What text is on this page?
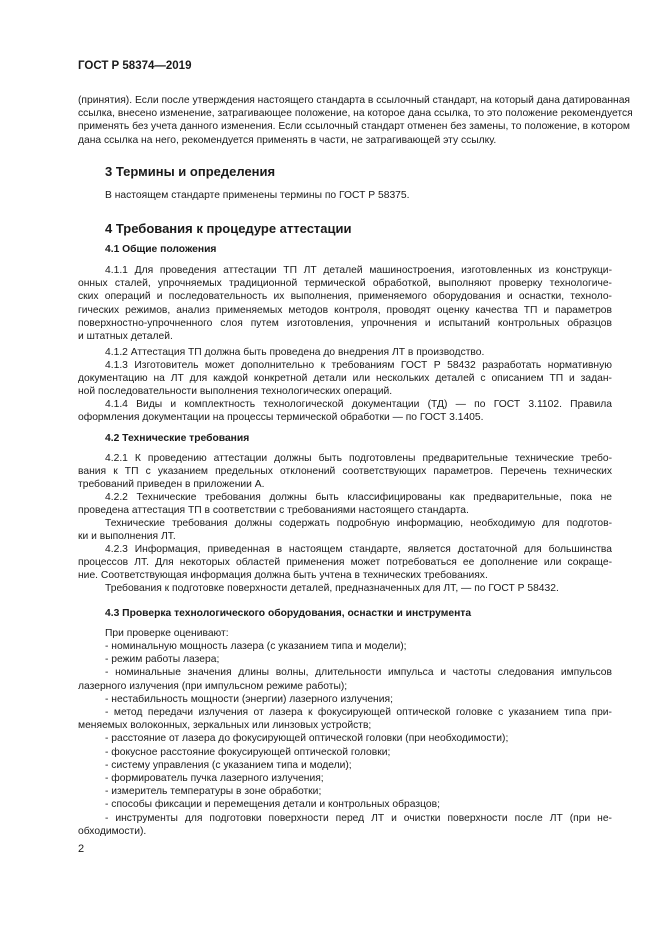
ГОСТ Р 58374—2019
(принятия). Если после утверждения настоящего стандарта в ссылочный стандарт, на который дана датированная
ссылка, внесено изменение, затрагивающее положение, на которое дана ссылка, то это положение рекомендуется
применять без учета данного изменения. Если ссылочный стандарт отменен без замены, то положение, в котором
дана ссылка на него, рекомендуется применять в части, не затрагивающей эту ссылку.
3 Термины и определения
В настоящем стандарте применены термины по ГОСТ Р 58375.
4 Требования к процедуре аттестации
4.1 Общие положения
4.1.1 Для проведения аттестации ТП ЛТ деталей машиностроения, изготовленных из конструкци-
онных сталей, упрочняемых традиционной термической обработкой, выполняют проверку технологиче-
ских операций и последовательность их выполнения, применяемого оборудования и оснастки, техноло-
гических режимов, анализ применяемых методов контроля, проводят оценку качества ТП и параметров
поверхностно-упрочненного слоя путем изготовления, упрочнения и испытаний контрольных образцов
и штатных деталей.
4.1.2 Аттестация ТП должна быть проведена до внедрения ЛТ в производство.
4.1.3 Изготовитель может дополнительно к требованиям ГОСТ Р 58432 разработать нормативную
документацию на ЛТ для каждой конкретной детали или нескольких деталей с описанием ТП и задан-
ной последовательности выполнения технологических операций.
4.1.4 Виды и комплектность технологической документации (ТД) — по ГОСТ 3.1102. Правила
оформления документации на процессы термической обработки — по ГОСТ 3.1405.
4.2 Технические требования
4.2.1 К проведению аттестации должны быть подготовлены предварительные технические требо-
вания к ТП с указанием предельных отклонений соответствующих параметров. Перечень технических
требований приведен в приложении А.
4.2.2 Технические требования должны быть классифицированы как предварительные, пока не
проведена аттестация ТП в соответствии с требованиями настоящего стандарта.
Технические требования должны содержать подробную информацию, необходимую для подготов-
ки и выполнения ЛТ.
4.2.3 Информация, приведенная в настоящем стандарте, является достаточной для большинства
процессов ЛТ. Для некоторых областей применения может потребоваться ее дополнение или сокраще-
ние. Соответствующая информация должна быть учтена в технических требованиях.
Требования к подготовке поверхности деталей, предназначенных для ЛТ, — по ГОСТ Р 58432.
4.3 Проверка технологического оборудования, оснастки и инструмента
При проверке оценивают:
- номинальную мощность лазера (с указанием типа и модели);
- режим работы лазера;
- номинальные значения длины волны, длительности импульса и частоты следования импульсов
лазерного излучения (при импульсном режиме работы);
- нестабильность мощности (энергии) лазерного излучения;
- метод передачи излучения от лазера к фокусирующей оптической головке с указанием типа при-
меняемых волоконных, зеркальных или линзовых устройств;
- расстояние от лазера до фокусирующей оптической головки (при необходимости);
- фокусное расстояние фокусирующей оптической головки;
- систему управления (с указанием типа и модели);
- формирователь пучка лазерного излучения;
- измеритель температуры в зоне обработки;
- способы фиксации и перемещения детали и контрольных образцов;
- инструменты для подготовки поверхности перед ЛТ и очистки поверхности после ЛТ (при не-
обходимости).
2
